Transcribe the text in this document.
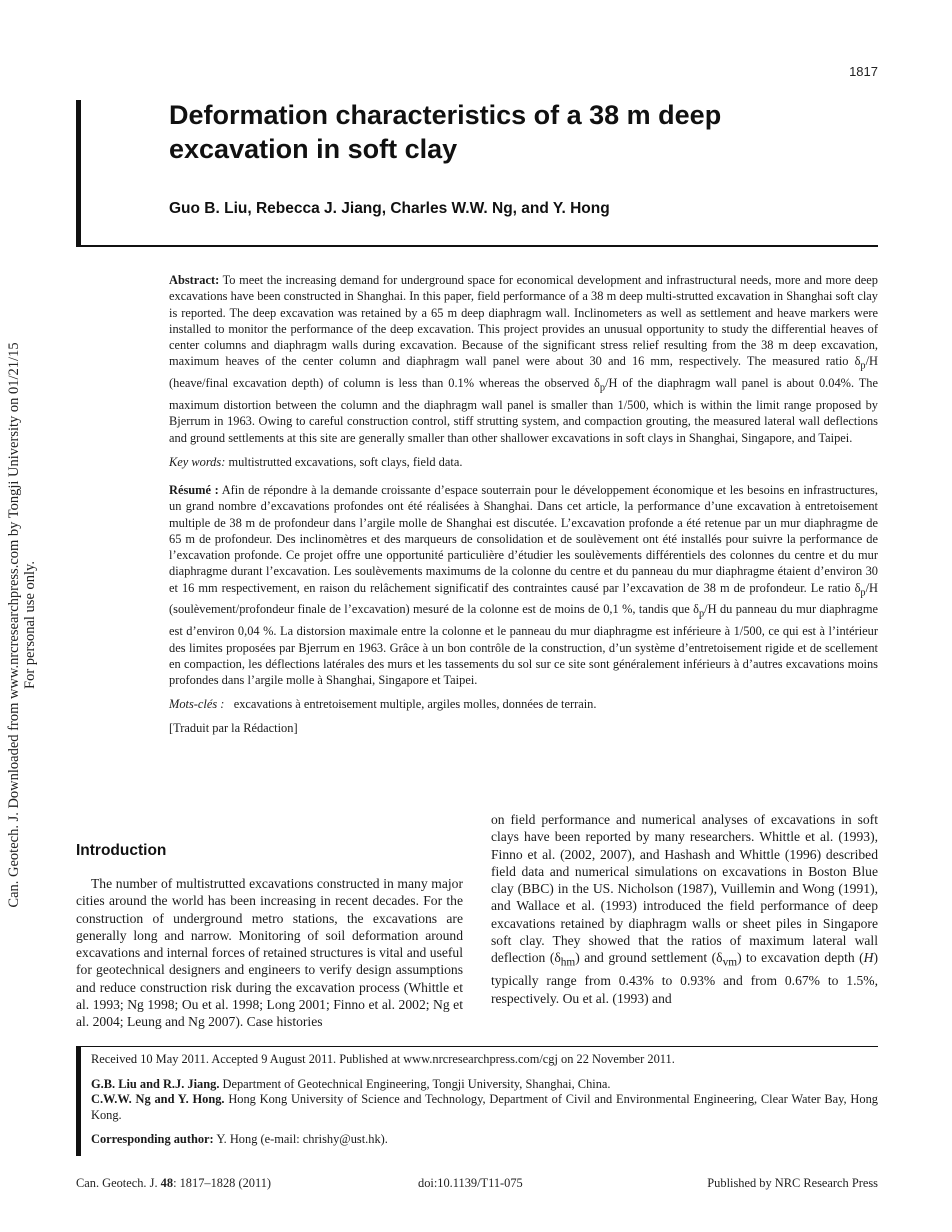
1817
Deformation characteristics of a 38 m deep excavation in soft clay
Guo B. Liu, Rebecca J. Jiang, Charles W.W. Ng, and Y. Hong
Can. Geotech. J. Downloaded from www.nrcresearchpress.com by Tongji University on 01/21/15 For personal use only.

Abstract: To meet the increasing demand for underground space for economical development and infrastructural needs, more and more deep excavations have been constructed in Shanghai. In this paper, field performance of a 38 m deep multi-strutted excavation in Shanghai soft clay is reported. The deep excavation was retained by a 65 m deep diaphragm wall. Inclinometers as well as settlement and heave markers were installed to monitor the performance of the deep excavation. This project provides an unusual opportunity to study the differential heaves of center columns and diaphragm walls during excavation. Because of the significant stress relief resulting from the 38 m deep excavation, maximum heaves of the center column and diaphragm wall panel were about 30 and 16 mm, respectively. The measured ratio $\delta_p/H$ (heave/final excavation depth) of column is less than 0.1% whereas the observed $\delta_p/H$ of the diaphragm wall panel is about 0.04%. The maximum distortion between the column and the diaphragm wall panel is smaller than 1/500, which is within the limit range proposed by Bjerrum in 1963. Owing to careful construction control, stiff strutting system, and compaction grouting, the measured lateral wall deflections and ground settlements at this site are generally smaller than other shallower excavations in soft clays in Shanghai, Singapore, and Taipei.

Key words: multistrutted excavations, soft clays, field data.

Résumé : Afin de répondre à la demande croissante d’espace souterrain pour le développement économique et les besoins en infrastructures, un grand nombre d’excavations profondes ont été réalisées à Shanghai. Dans cet article, la performance d’une excavation à entretoisement multiple de 38 m de profondeur dans l’argile molle de Shanghai est discutée. L’excavation profonde a été retenue par un mur diaphragme de 65 m de profondeur. Des inclinomètres et des marqueurs de consolidation et de soulèvement ont été installés pour suivre la performance de l’excavation profonde. Ce projet offre une opportunité particulière d’étudier les soulèvements différentiels des colonnes du centre et du mur diaphragme durant l’excavation. Les soulèvements maximums de la colonne du centre et du panneau du mur diaphragme étaient d’environ 30 et 16 mm respectivement, en raison du relâchement significatif des contraintes causé par l’excavation de 38 m de profondeur. Le ratio $\delta_p/H$ (soulèvement/profondeur finale de l’excavation) mesuré de la colonne est de moins de 0,1 %, tandis que $\delta_p/H$ du panneau du mur diaphragme est d’environ 0,04 %. La distorsion maximale entre la colonne et le panneau du mur diaphragme est inférieure à 1/500, ce qui est à l’intérieur des limites proposées par Bjerrum en 1963. Grâce à un bon contrôle de la construction, d’un système d’entretoisement rigide et de scellement en compaction, les déflections latérales des murs et les tassements du sol sur ce site sont généralement inférieurs à d’autres excavations moins profondes dans l’argile molle à Shanghai, Singapore et Taipei.

Mots-clés : excavations à entretoisement multiple, argiles molles, données de terrain.

[Traduit par la Rédaction]

Introduction
The number of multistrutted excavations constructed in many major cities around the world has been increasing in recent decades. For the construction of underground metro stations, the excavations are generally long and narrow. Monitoring of soil deformation around excavations and internal forces of retained structures is vital and useful for geotechnical designers and engineers to verify design assumptions and reduce construction risk during the excavation process (Whittle et al. 1993; Ng 1998; Ou et al. 1998; Long 2001; Finno et al. 2002; Ng et al. 2004; Leung and Ng 2007). Case histories
on field performance and numerical analyses of excavations in soft clays have been reported by many researchers. Whittle et al. (1993), Finno et al. (2002, 2007), and Hashash and Whittle (1996) described field data and numerical simulations on excavations in Boston Blue clay (BBC) in the US. Nicholson (1987), Vuillemin and Wong (1991), and Wallace et al. (1993) introduced the field performance of deep excavations retained by diaphragm walls or sheet piles in Singapore soft clay. They showed that the ratios of maximum lateral wall deflection $(\delta_{hm})$ and ground settlement $(\delta_{vm})$ to excavation depth (H) typically range from 0.43% to 0.93% and from 0.67% to 1.5%, respectively. Ou et al. (1993) and

Received 10 May 2011. Accepted 9 August 2011. Published at www.nrcresearchpress.com/cgj on 22 November 2011.

G.B. Liu and R.J. Jiang. Department of Geotechnical Engineering, Tongji University, Shanghai, China.

C.W.W. Ng and Y. Hong. Hong Kong University of Science and Technology, Department of Civil and Environmental Engineering, Clear Water Bay, Hong Kong.

Corresponding author: Y. Hong (e-mail: chrishy@ust.hk).

Can. Geotech. J. 48: 1817–1828 (2011)	doi:10.1139/T11-075	Published by NRC Research Press
